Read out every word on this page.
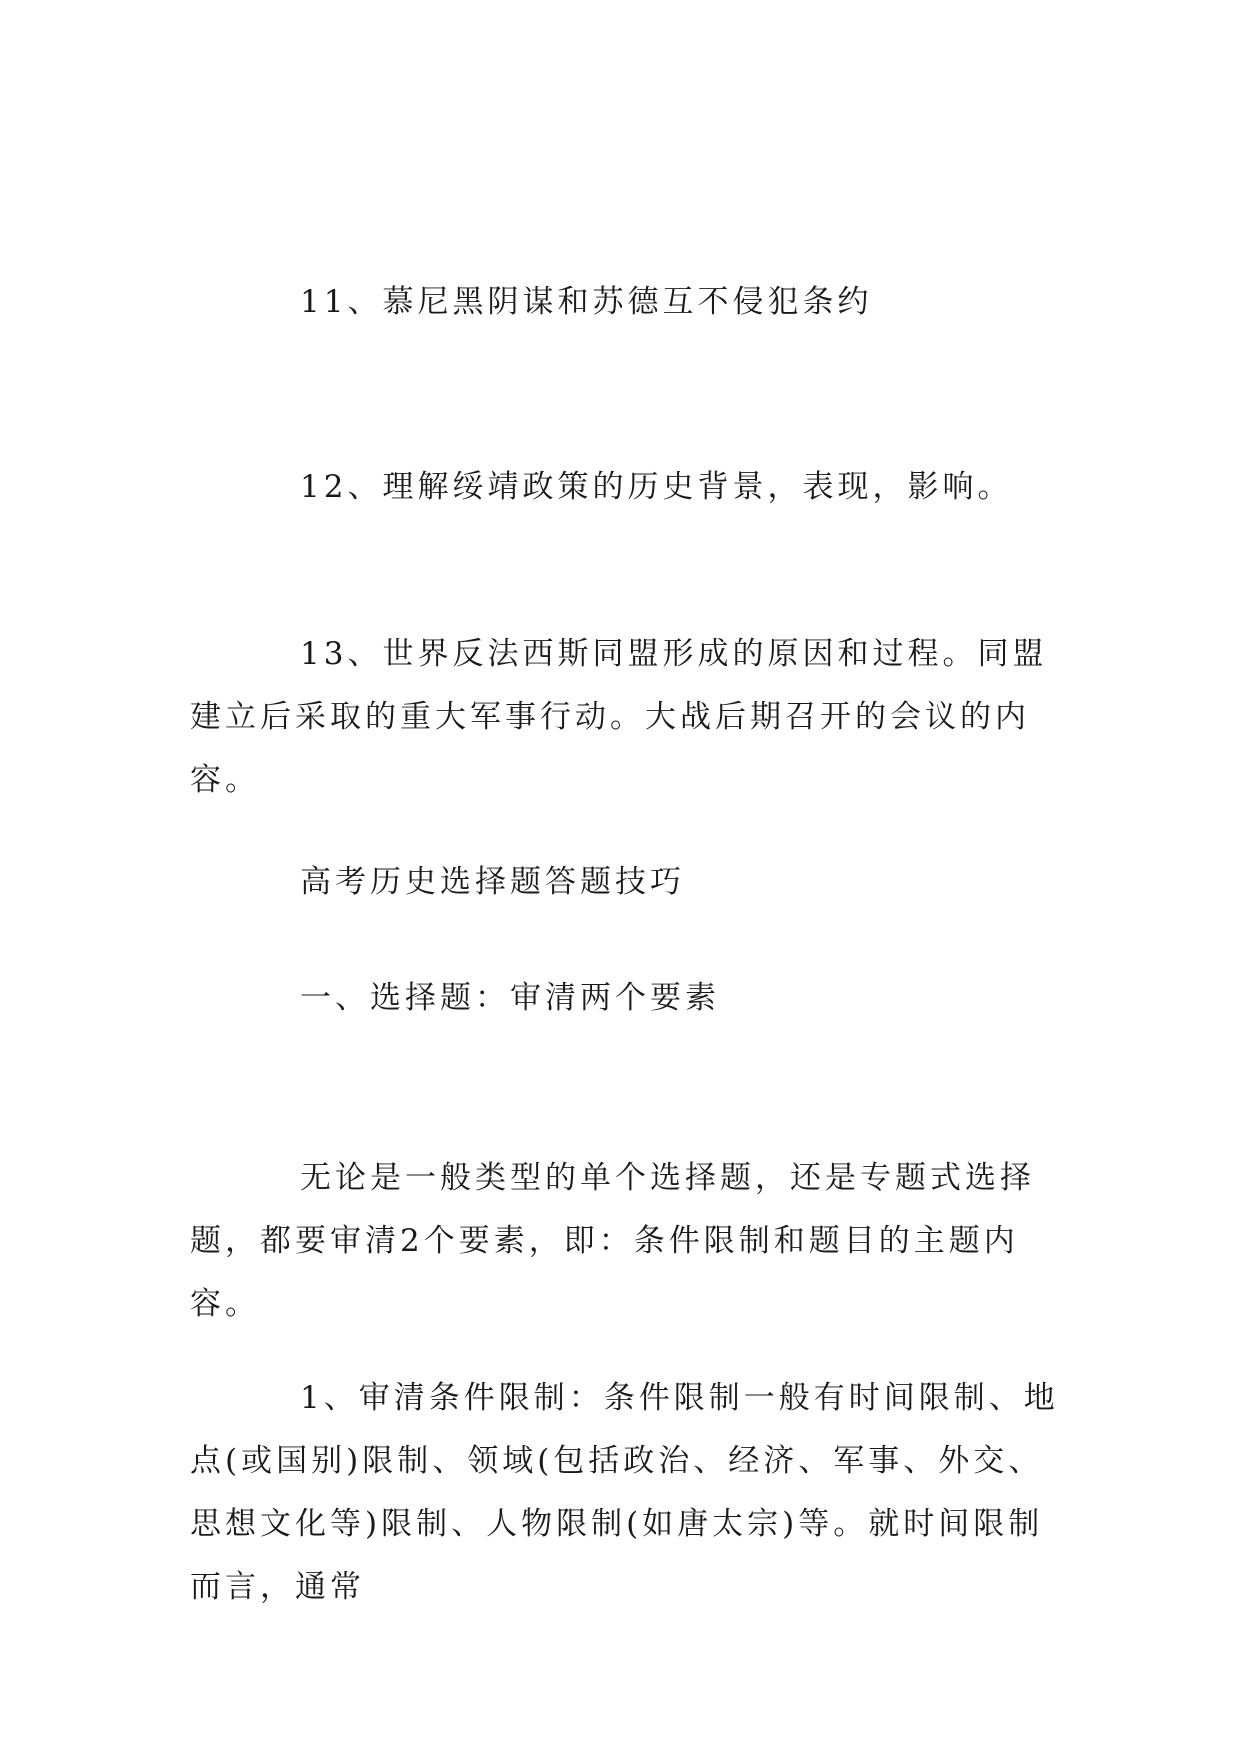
11、慕尼黑阴谋和苏德互不侵犯条约

12、理解绥靖政策的历史背景，表现，影响。

13、世界反法西斯同盟形成的原因和过程。同盟建立后采取的重大军事行动。大战后期召开的会议的内容。

高考历史选择题答题技巧

一、选择题：审清两个要素

无论是一般类型的单个选择题，还是专题式选择题，都要审清2个要素，即：条件限制和题目的主题内容。

1、审清条件限制：条件限制一般有时间限制、地点(或国别)限制、领域(包括政治、经济、军事、外交、思想文化等)限制、人物限制(如唐太宗)等。就时间限制而言，通常
